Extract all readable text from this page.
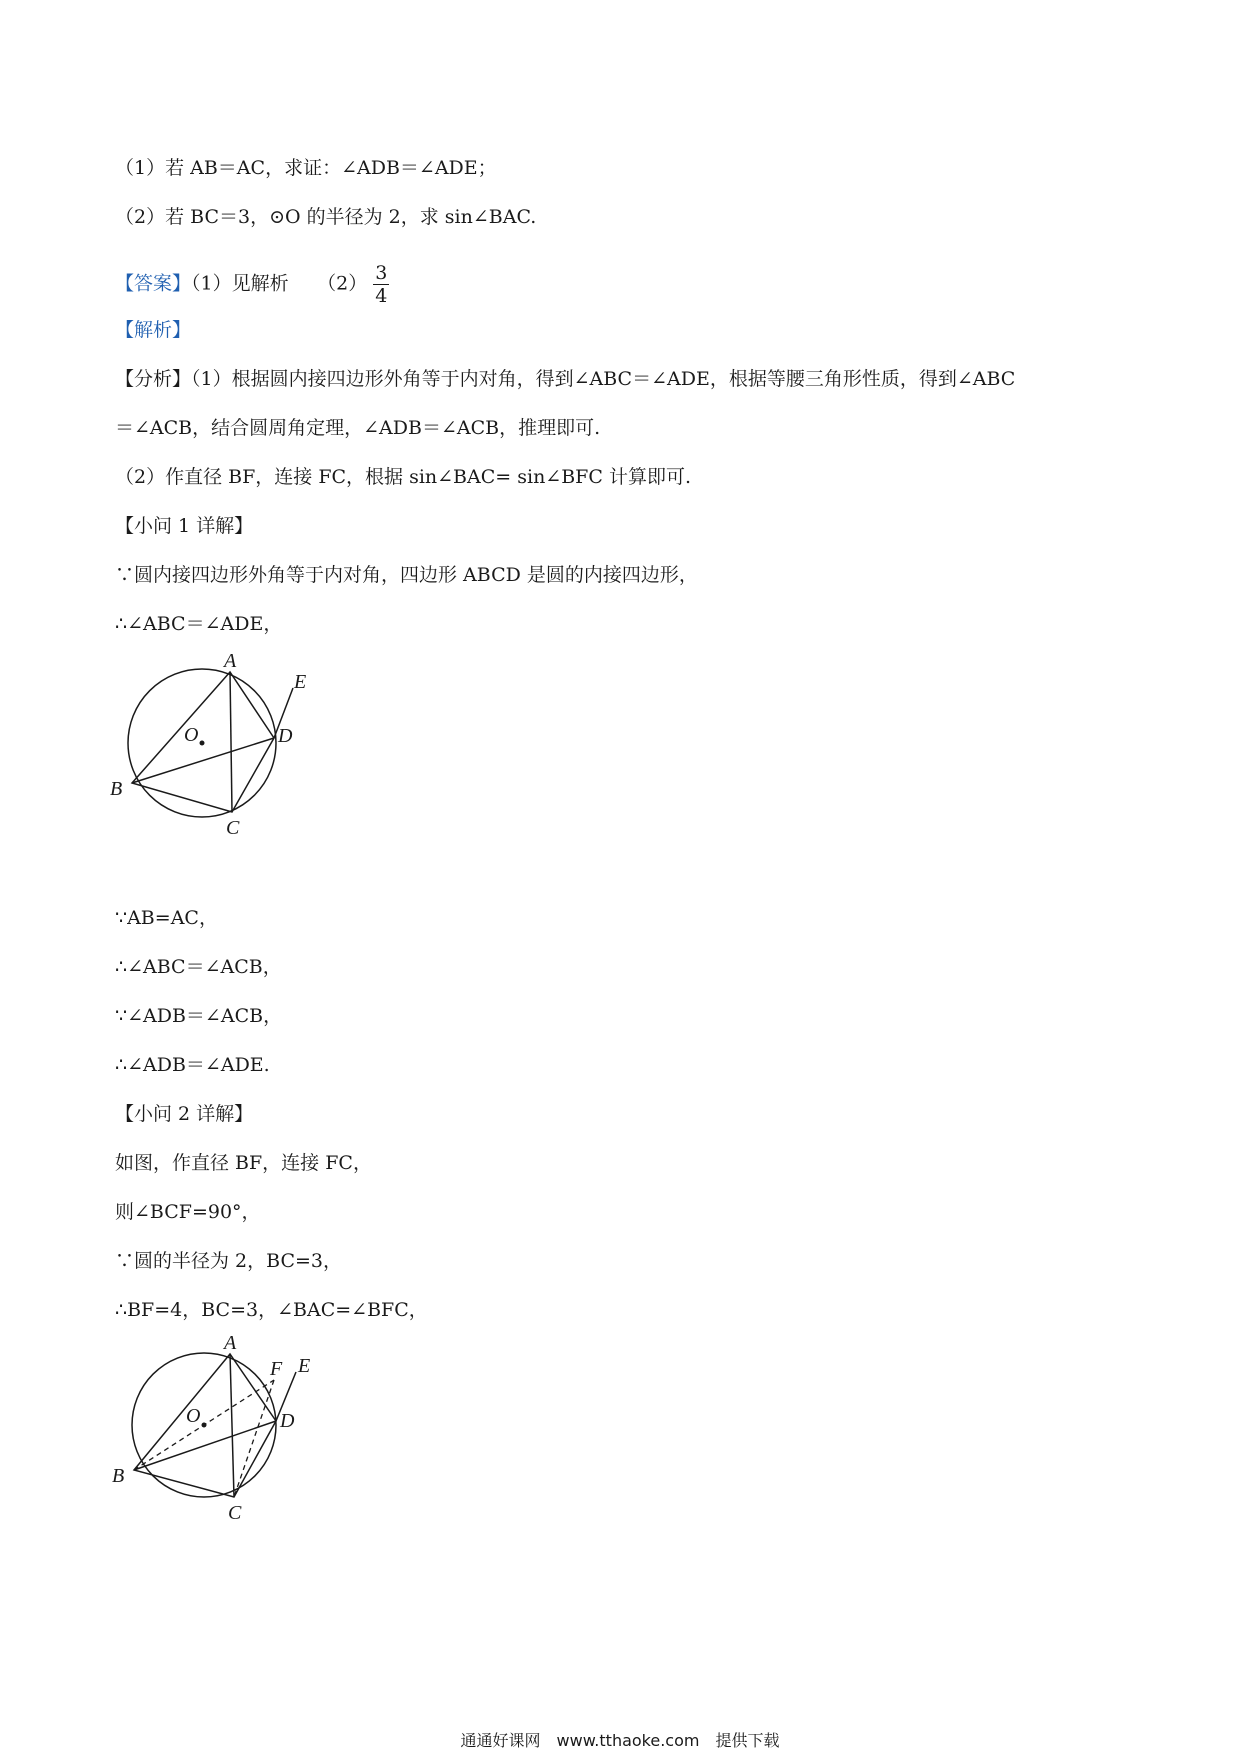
（1）若 AB＝AC，求证：∠ADB＝∠ADE；
（2）若 BC＝3，⊙O 的半径为 2，求 sin∠BAC.
【答案】（1）见解析　　$(2) \frac{3}{4}$
【解析】
【分析】（1）根据圆内接四边形外角等于内对角，得到∠ABC＝∠ADE，根据等腰三角形性质，得到∠ABC
＝∠ACB，结合圆周角定理，∠ADB＝∠ACB，推理即可.
（2）作直径 BF，连接 FC，根据 sin∠BAC= sin∠BFC 计算即可.
【小问 1 详解】
∵圆内接四边形外角等于内对角，四边形 ABCD 是圆的内接四边形，
∴∠ABC＝∠ADE，
A
B
C
D
E
O
∵AB=AC，
∴∠ABC＝∠ACB，
∵∠ADB＝∠ACB，
∴∠ADB＝∠ADE.
【小问 2 详解】
如图，作直径 BF，连接 FC，
则∠BCF=90°，
∵圆的半径为 2，BC=3，
∴BF=4，BC=3，∠BAC=∠BFC，
A
B
C
D
E
F
O
通通好课网　www.tthaoke.com　提供下载
